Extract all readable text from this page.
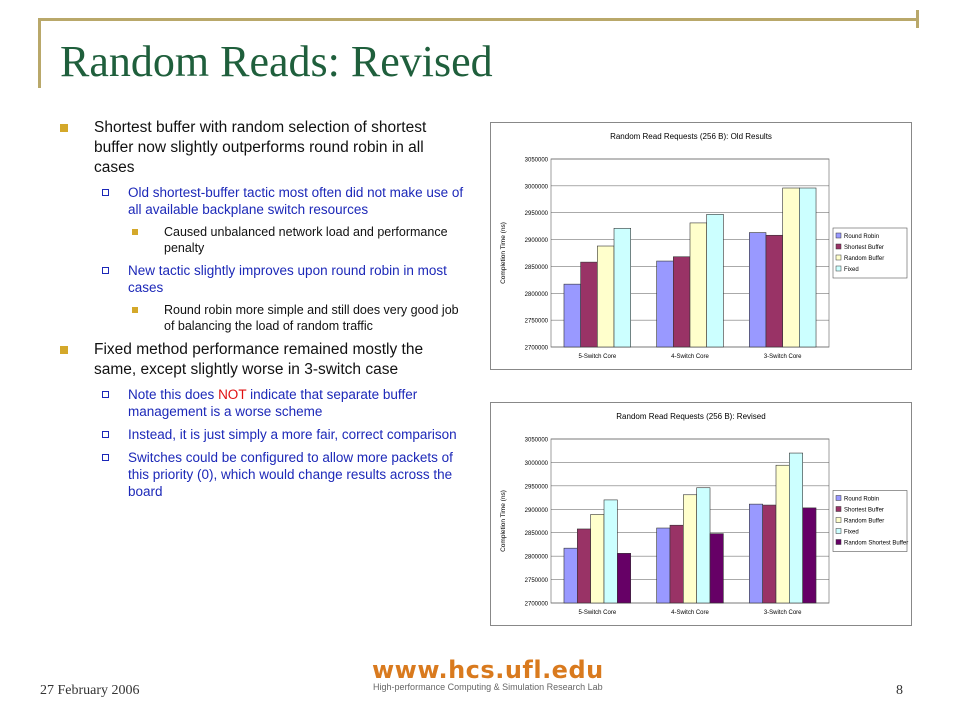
Random Reads: Revised
Shortest buffer with random selection of shortest buffer now slightly outperforms round robin in all cases
Old shortest-buffer tactic most often did not make use of all available backplane switch resources
Caused unbalanced network load and performance penalty
New tactic slightly improves upon round robin in most cases
Round robin more simple and still does very good job of balancing the load of random traffic
Fixed method performance remained mostly the same, except slightly worse in 3-switch case
Note this does NOT indicate that separate buffer management is a worse scheme
Instead, it is just simply a more fair, correct comparison
Switches could be configured to allow more packets of this priority (0), which would change results across the board
Random Read Requests (256 B): Old Results
2700000
2750000
2800000
2850000
2900000
2950000
3000000
3050000
Completion Time (ns)
5-Switch Core	4-Switch Core	3-Switch Core
Round Robin
Shortest Buffer
Random Buffer
Fixed
Random Read Requests (256 B): Revised
2700000
2750000
2800000
2850000
2900000
2950000
3000000
3050000
Completion Time (ns)
5-Switch Core	4-Switch Core	3-Switch Core
Round Robin
Shortest Buffer
Random Buffer
Fixed
Random Shortest Buffer
27 February 2006
www.hcs.ufl.edu
High-performance Computing & Simulation Research Lab	8
